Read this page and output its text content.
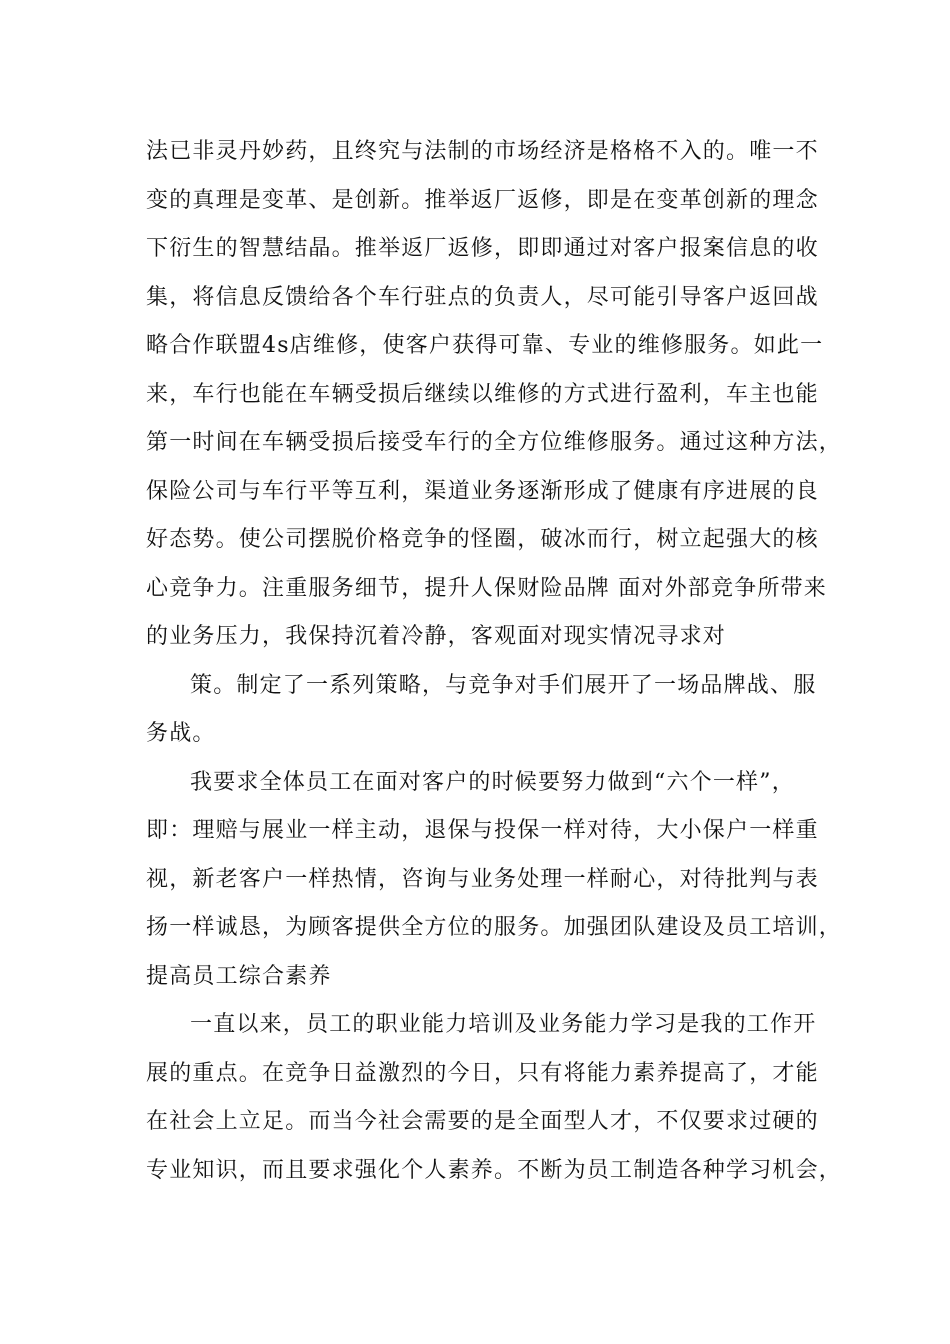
法已非灵丹妙药，且终究与法制的市场经济是格格不入的。唯一不
变的真理是变革、是创新。推举返厂返修，即是在变革创新的理念
下衍生的智慧结晶。推举返厂返修，即即通过对客户报案信息的收
集，将信息反馈给各个车行驻点的负责人，尽可能引导客户返回战
略合作联盟4s店维修，使客户获得可靠、专业的维修服务。如此一
来，车行也能在车辆受损后继续以维修的方式进行盈利，车主也能
第一时间在车辆受损后接受车行的全方位维修服务。通过这种方法，
保险公司与车行平等互利，渠道业务逐渐形成了健康有序进展的良
好态势。使公司摆脱价格竞争的怪圈，破冰而行，树立起强大的核
心竞争力。注重服务细节，提升人保财险品牌 面对外部竞争所带来
的业务压力，我保持沉着冷静，客观面对现实情况寻求对
策。制定了一系列策略，与竞争对手们展开了一场品牌战、服
务战。
我要求全体员工在面对客户的时候要努力做到“六个一样”，
即：理赔与展业一样主动，退保与投保一样对待，大小保户一样重
视，新老客户一样热情，咨询与业务处理一样耐心，对待批判与表
扬一样诚恳，为顾客提供全方位的服务。加强团队建设及员工培训，
提高员工综合素养
一直以来，员工的职业能力培训及业务能力学习是我的工作开
展的重点。在竞争日益激烈的今日，只有将能力素养提高了，才能
在社会上立足。而当今社会需要的是全面型人才，不仅要求过硬的
专业知识，而且要求强化个人素养。不断为员工制造各种学习机会，
